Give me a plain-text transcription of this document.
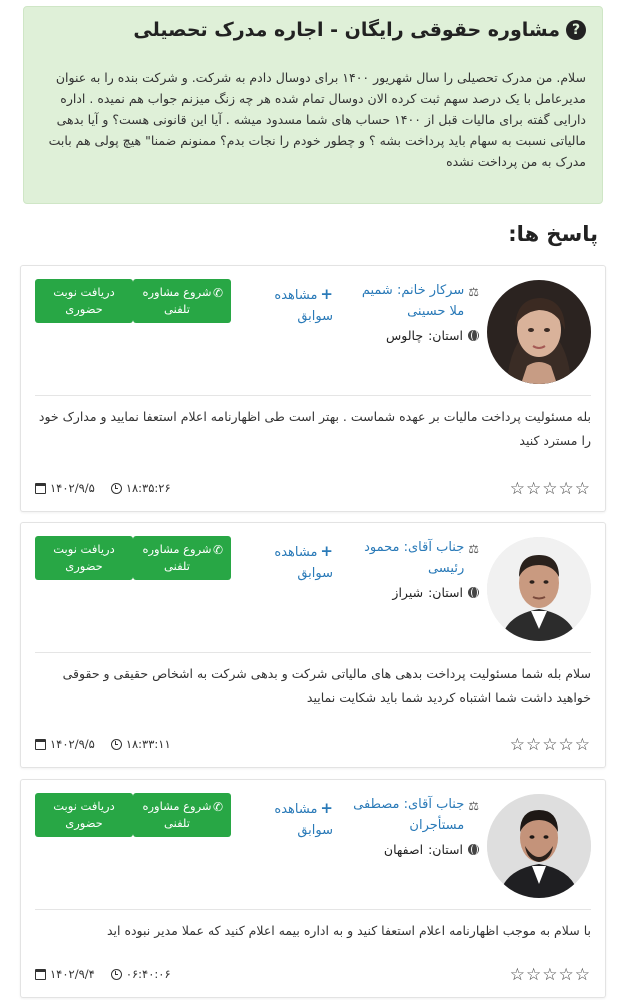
?
مشاوره حقوقی رایگان - اجاره مدرک تحصیلی
سلام. من مدرک تحصیلی را سال شهریور ۱۴۰۰ برای دوسال دادم به شرکت. و شرکت بنده را به عنوان مدیرعامل با یک درصد سهم ثبت کرده الان دوسال تمام شده هر چه زنگ میزنم جواب هم نمیده . اداره دارایی گفته برای مالیات قبل از ۱۴۰۰ حساب های شما مسدود میشه . آیا این قانونی هست؟ و آیا بدهی مالیاتی نسبت به سهام باید پرداخت بشه ؟ و چطور خودم را نجات بدم؟ ممنونم ضمنا" هیچ پولی هم بابت مدرک به من پرداخت نشده
پاسخ ها:
⚖
سرکار خانم: شمیم ملا حسینی
استان:
چالوس
+مشاهده سوابق
✆
شروع مشاوره تلفنی
دریافت نوبت حضوری
بله مسئولیت پرداخت مالیات بر عهده شماست . بهتر است طی اظهارنامه اعلام استعفا نمایید و مدارک خود را مسترد کنید
☆☆☆☆☆
۱۴۰۲/۹/۵	۱۸:۳۵:۲۶
⚖
جناب آقای: محمود رئیسی
استان:
شیراز
+مشاهده سوابق
✆
شروع مشاوره تلفنی
دریافت نوبت حضوری
سلام بله شما مسئولیت پرداخت بدهی های مالیاتی شرکت و بدهی شرکت به اشخاص حقیقی و حقوقی خواهید داشت شما اشتباه کردید شما باید شکایت نمایید
☆☆☆☆☆
۱۴۰۲/۹/۵	۱۸:۳۳:۱۱
⚖
جناب آقای: مصطفی مستأجران
استان:
اصفهان
+مشاهده سوابق
✆
شروع مشاوره تلفنی
دریافت نوبت حضوری
با سلام به موجب اظهارنامه اعلام استعفا کنید و به اداره بیمه اعلام کنید که عملا مدیر نبوده اید
☆☆☆☆☆
۱۴۰۲/۹/۴	۰۶:۴۰:۰۶
